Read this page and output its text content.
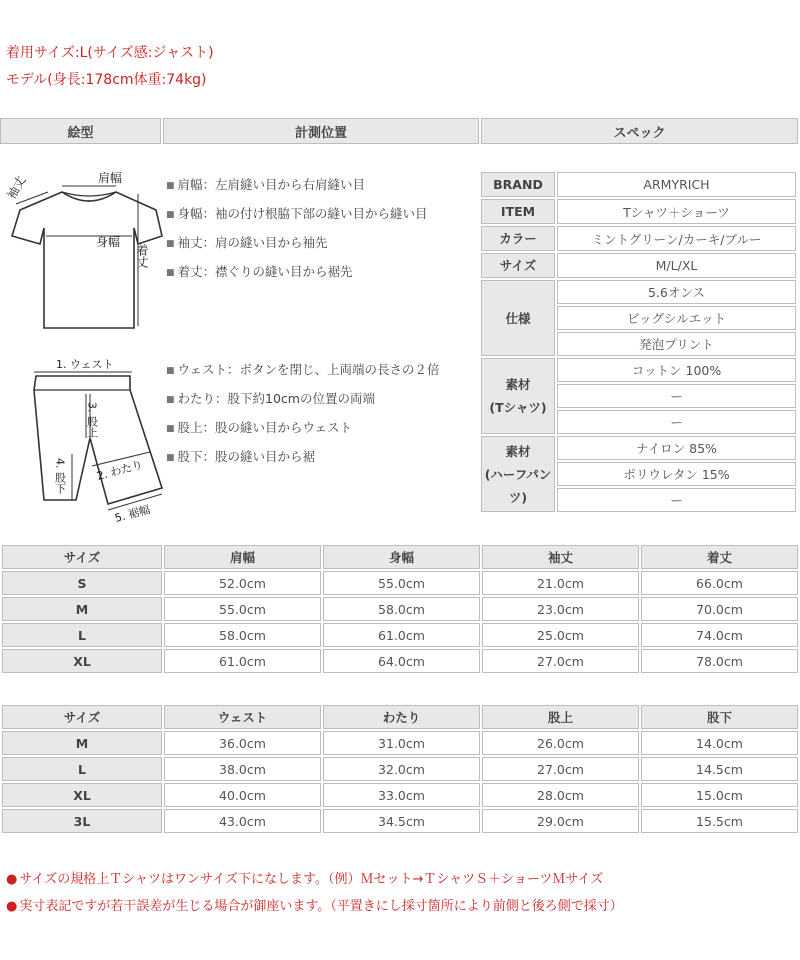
着用サイズ:L(サイズ感:ジャスト)
モデル(身長:178cm体重:74kg)
絵型	計測位置	スペック
肩幅
身幅
着丈
袖丈	■ 肩幅：左肩縫い目から右肩縫い目
■ 身幅：袖の付け根脇下部の縫い目から縫い目
■ 袖丈：肩の縫い目から袖先
■ 着丈：襟ぐりの縫い目から裾先
1. ウェスト
3. 股上
2. わたり
4. 股下
5. 裾幅
■ ウェスト：ボタンを閉じ、上両端の長さの２倍
■ わたり：股下約10cmの位置の両端
■ 股上：股の縫い目からウェスト
■ 股下：股の縫い目から裾
BRAND	ARMYRICH
ITEM	Tシャツ＋ショーツ
カラー	ミントグリーン/カーキ/ブルー
サイズ	M/L/XL
仕様	5.6オンス
	ビッグシルエット
	発泡プリント
素材
(Tシャツ)	コットン 100%
	ー
	ー
素材
(ハーフパンツ)	ナイロン 85%
	ポリウレタン 15%
	ー
サイズ	肩幅	身幅	袖丈	着丈
S	52.0cm	55.0cm	21.0cm	66.0cm
M	55.0cm	58.0cm	23.0cm	70.0cm
L	58.0cm	61.0cm	25.0cm	74.0cm
XL	61.0cm	64.0cm	27.0cm	78.0cm
サイズ	ウェスト	わたり	股上	股下
M	36.0cm	31.0cm	26.0cm	14.0cm
L	38.0cm	32.0cm	27.0cm	14.5cm
XL	40.0cm	33.0cm	28.0cm	15.0cm
3L	43.0cm	34.5cm	29.0cm	15.5cm
● サイズの規格上Ｔシャツはワンサイズ下になします。（例）Ｍセット→ＴシャツＳ＋ショーツＭサイズ
● 実寸表記ですが若干誤差が生じる場合が御座います。（平置きにし採寸箇所により前側と後ろ側で採寸）
